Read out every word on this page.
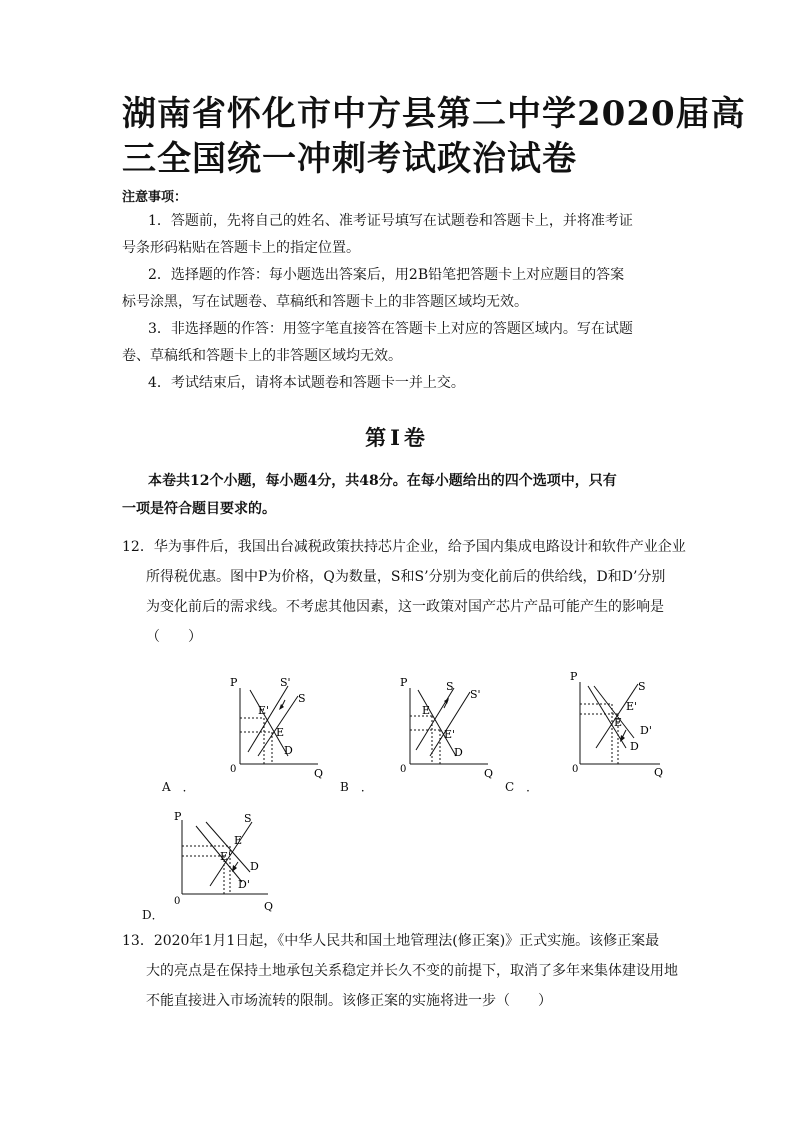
湖南省怀化市中方县第二中学2020届高
三全国统一冲刺考试政治试卷
注意事项：
1．答题前，先将自己的姓名、准考证号填写在试题卷和答题卡上，并将准考证
号条形码粘贴在答题卡上的指定位置。
2．选择题的作答：每小题选出答案后，用2B铅笔把答题卡上对应题目的答案
标号涂黑，写在试题卷、草稿纸和答题卡上的非答题区域均无效。
3．非选择题的作答：用签字笔直接答在答题卡上对应的答题区域内。写在试题
卷、草稿纸和答题卡上的非答题区域均无效。
4．考试结束后，请将本试题卷和答题卡一并上交。
第Ⅰ卷
本卷共12个小题，每小题4分，共48分。在每小题给出的四个选项中，只有
一项是符合题目要求的。
12．华为事件后，我国出台减税政策扶持芯片企业，给予国内集成电路设计和软件产业企业
所得税优惠。图中P为价格，Q为数量，S和S’分别为变化前后的供给线，D和D’分别
为变化前后的需求线。不考虑其他因素，这一政策对国产芯片产品可能产生的影响是
（　　）
P
Q
0
S'
S
E'
E
D
P
Q
0
S
S'
E
E'
D
P
Q
0
S
E'
E
D'
D
A　．	B　．	C　．
P
Q
0
S
E
E'
D
D'
D．
13．2020年1月1日起，《中华人民共和国土地管理法(修正案)》正式实施。该修正案最
大的亮点是在保持土地承包关系稳定并长久不变的前提下，取消了多年来集体建设用地
不能直接进入市场流转的限制。该修正案的实施将进一步（　　）
